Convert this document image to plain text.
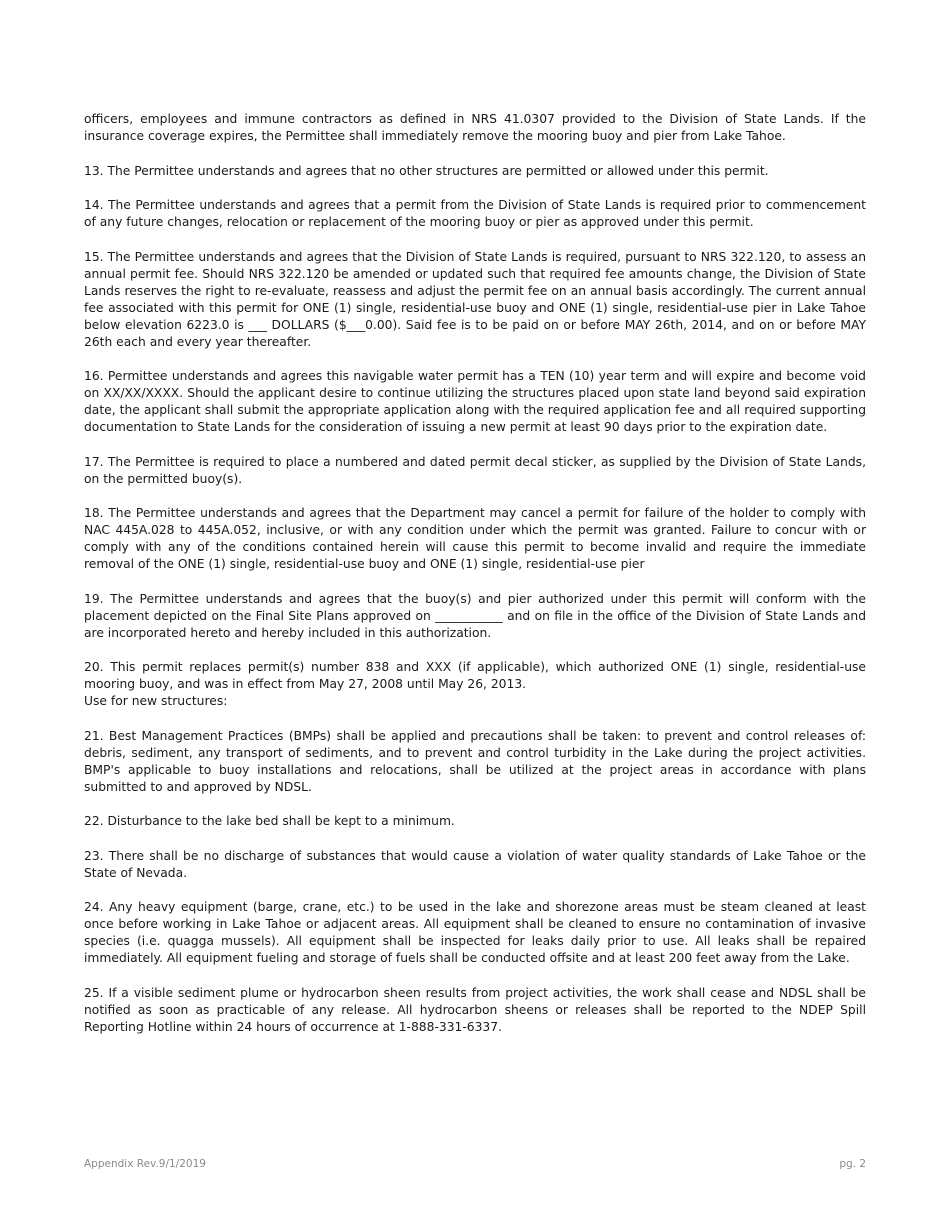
officers, employees and immune contractors as defined in NRS 41.0307 provided to the Division of State Lands. If the insurance coverage expires, the Permittee shall immediately remove the mooring buoy and pier from Lake Tahoe.

13. The Permittee understands and agrees that no other structures are permitted or allowed under this permit.

14. The Permittee understands and agrees that a permit from the Division of State Lands is required prior to commencement of any future changes, relocation or replacement of the mooring buoy or pier as approved under this permit.

15. The Permittee understands and agrees that the Division of State Lands is required, pursuant to NRS 322.120, to assess an annual permit fee. Should NRS 322.120 be amended or updated such that required fee amounts change, the Division of State Lands reserves the right to re-evaluate, reassess and adjust the permit fee on an annual basis accordingly. The current annual fee associated with this permit for ONE (1) single, residential-use buoy and ONE (1) single, residential-use pier in Lake Tahoe below elevation 6223.0 is ___ DOLLARS ($___0.00). Said fee is to be paid on or before MAY 26th, 2014, and on or before MAY 26th each and every year thereafter.

16. Permittee understands and agrees this navigable water permit has a TEN (10) year term and will expire and become void on XX/XX/XXXX. Should the applicant desire to continue utilizing the structures placed upon state land beyond said expiration date, the applicant shall submit the appropriate application along with the required application fee and all required supporting documentation to State Lands for the consideration of issuing a new permit at least 90 days prior to the expiration date.

17. The Permittee is required to place a numbered and dated permit decal sticker, as supplied by the Division of State Lands, on the permitted buoy(s).

18. The Permittee understands and agrees that the Department may cancel a permit for failure of the holder to comply with NAC 445A.028 to 445A.052, inclusive, or with any condition under which the permit was granted. Failure to concur with or comply with any of the conditions contained herein will cause this permit to become invalid and require the immediate removal of the ONE (1) single, residential-use buoy and ONE (1) single, residential-use pier

19. The Permittee understands and agrees that the buoy(s) and pier authorized under this permit will conform with the placement depicted on the Final Site Plans approved on ___________ and on file in the office of the Division of State Lands and are incorporated hereto and hereby included in this authorization.

20. This permit replaces permit(s) number 838 and XXX (if applicable), which authorized ONE (1) single, residential-use mooring buoy, and was in effect from May 27, 2008 until May 26, 2013.

Use for new structures:

21. Best Management Practices (BMPs) shall be applied and precautions shall be taken: to prevent and control releases of: debris, sediment, any transport of sediments, and to prevent and control turbidity in the Lake during the project activities. BMP's applicable to buoy installations and relocations, shall be utilized at the project areas in accordance with plans submitted to and approved by NDSL.

22. Disturbance to the lake bed shall be kept to a minimum.

23. There shall be no discharge of substances that would cause a violation of water quality standards of Lake Tahoe or the State of Nevada.

24. Any heavy equipment (barge, crane, etc.) to be used in the lake and shorezone areas must be steam cleaned at least once before working in Lake Tahoe or adjacent areas. All equipment shall be cleaned to ensure no contamination of invasive species (i.e. quagga mussels). All equipment shall be inspected for leaks daily prior to use. All leaks shall be repaired immediately. All equipment fueling and storage of fuels shall be conducted offsite and at least 200 feet away from the Lake.

25. If a visible sediment plume or hydrocarbon sheen results from project activities, the work shall cease and NDSL shall be notified as soon as practicable of any release. All hydrocarbon sheens or releases shall be reported to the NDEP Spill Reporting Hotline within 24 hours of occurrence at 1-888-331-6337.

Appendix Rev.9/1/2019	pg. 2
